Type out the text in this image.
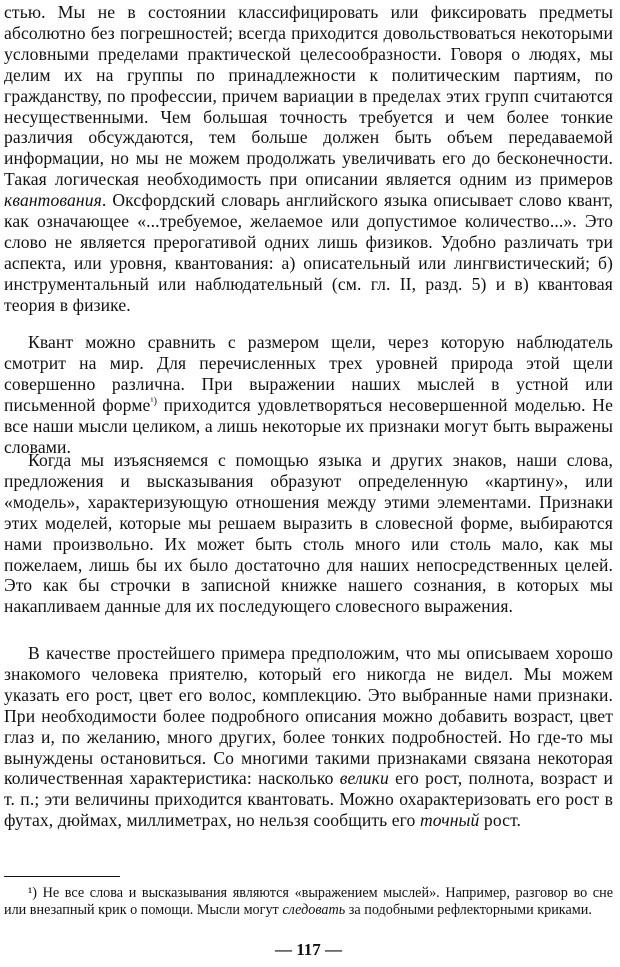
стью. Мы не в состоянии классифицировать или фиксировать предметы абсолютно без погрешностей; всегда приходится довольствоваться некоторыми условными пределами практической целесообразности. Говоря о людях, мы делим их на группы по принадлежности к политическим партиям, по гражданству, по профессии, причем вариации в пределах этих групп считаются несущественными. Чем большая точность требуется и чем более тонкие различия обсуждаются, тем больше должен быть объем передаваемой информации, но мы не можем продолжать увеличивать его до бесконечности. Такая логическая необходимость при описании является одним из примеров квантования. Оксфордский словарь английского языка описывает слово квант, как означающее «...требуемое, желаемое или допустимое количество...». Это слово не является прерогативой одних лишь физиков. Удобно различать три аспекта, или уровня, квантования: а) описательный или лингвистический; б) инструментальный или наблюдательный (см. гл. II, разд. 5) и в) квантовая теория в физике.

Квант можно сравнить с размером щели, через которую наблюдатель смотрит на мир. Для перечисленных трех уровней природа этой щели совершенно различна. При выражении наших мыслей в устной или письменной форме$^{^1)}$ приходится удовлетворяться несовершенной моделью. Не все наши мысли целиком, а лишь некоторые их признаки могут быть выражены словами.

Когда мы изъясняемся с помощью языка и других знаков, наши слова, предложения и высказывания образуют определенную «картину», или «модель», характеризующую отношения между этими элементами. Признаки этих моделей, которые мы решаем выразить в словесной форме, выбираются нами произвольно. Их может быть столь много или столь мало, как мы пожелаем, лишь бы их было достаточно для наших непосредственных целей. Это как бы строчки в записной книжке нашего сознания, в которых мы накапливаем данные для их последующего словесного выражения.

В качестве простейшего примера предположим, что мы описываем хорошо знакомого человека приятелю, который его никогда не видел. Мы можем указать его рост, цвет его волос, комплекцию. Это выбранные нами признаки. При необходимости более подробного описания можно добавить возраст, цвет глаз и, по желанию, много других, более тонких подробностей. Но где-то мы вынуждены остановиться. Со многими такими признаками связана некоторая количественная характеристика: насколько велики его рост, полнота, возраст и т. п.; эти величины приходится квантовать. Можно охарактеризовать его рост в футах, дюймах, миллиметрах, но нельзя сообщить его точный рост.

¹) Не все слова и высказывания являются «выражением мыслей». Например, разговор во сне или внезапный крик о помощи. Мысли могут следовать за подобными рефлекторными криками.

— 117 —
